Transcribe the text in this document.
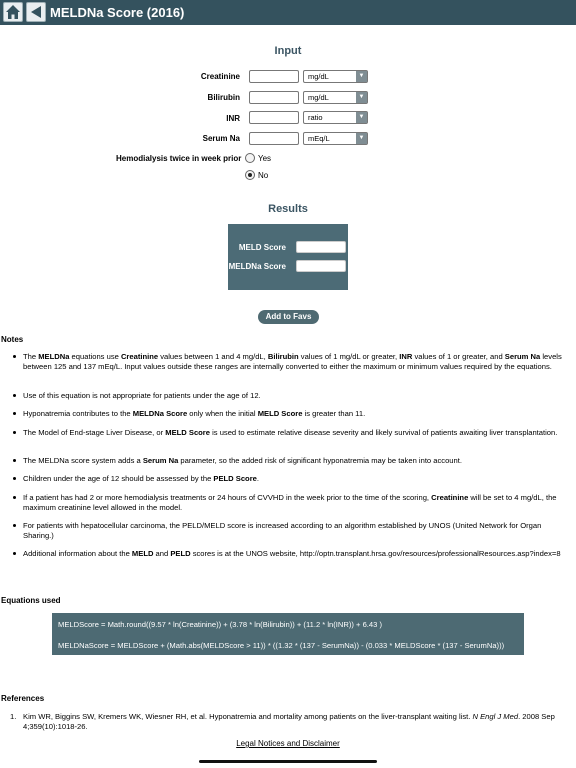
MELDNa Score (2016)
Input
Creatinine	mg/dL	▼
Bilirubin	mg/dL	▼
INR	ratio	▼
Serum Na	mEq/L	▼
Hemodialysis twice in week prior Yes
No
Results
MELD Score
MELDNa Score
Add to Favs
Notes
The MELDNa equations use Creatinine values between 1 and 4 mg/dL, Bilirubin values of 1 mg/dL or greater, INR values of 1 or greater, and Serum Na levels between 125 and 137 mEq/L. Input values outside these ranges are internally converted to either the maximum or minimum values required by the equations.
Use of this equation is not appropriate for patients under the age of 12.
Hyponatremia contributes to the MELDNa Score only when the initial MELD Score is greater than 11.
The Model of End-stage Liver Disease, or MELD Score is used to estimate relative disease severity and likely survival of patients awaiting liver transplantation.
The MELDNa score system adds a Serum Na parameter, so the added risk of significant hyponatremia may be taken into account.
Children under the age of 12 should be assessed by the PELD Score.
If a patient has had 2 or more hemodialysis treatments or 24 hours of CVVHD in the week prior to the time of the scoring, Creatinine will be set to 4 mg/dL, the maximum creatinine level allowed in the model.
For patients with hepatocellular carcinoma, the PELD/MELD score is increased according to an algorithm established by UNOS (United Network for Organ Sharing.)
Additional information about the MELD and PELD scores is at the UNOS website, http://optn.transplant.hrsa.gov/resources/professionalResources.asp?index=8
Equations used
MELDScore = Math.round((9.57 * ln(Creatinine)) + (3.78 * ln(Bilirubin)) + (11.2 * ln(INR)) + 6.43 )
MELDNaScore = MELDScore + (Math.abs(MELDScore > 11)) * ((1.32 * (137 - SerumNa)) - (0.033 * MELDScore * (137 - SerumNa)))
References
1. Kim WR, Biggins SW, Kremers WK, Wiesner RH, et al. Hyponatremia and mortality among patients on the liver-transplant waiting list. N Engl J Med. 2008 Sep 4;359(10):1018-26.
Legal Notices and Disclaimer
